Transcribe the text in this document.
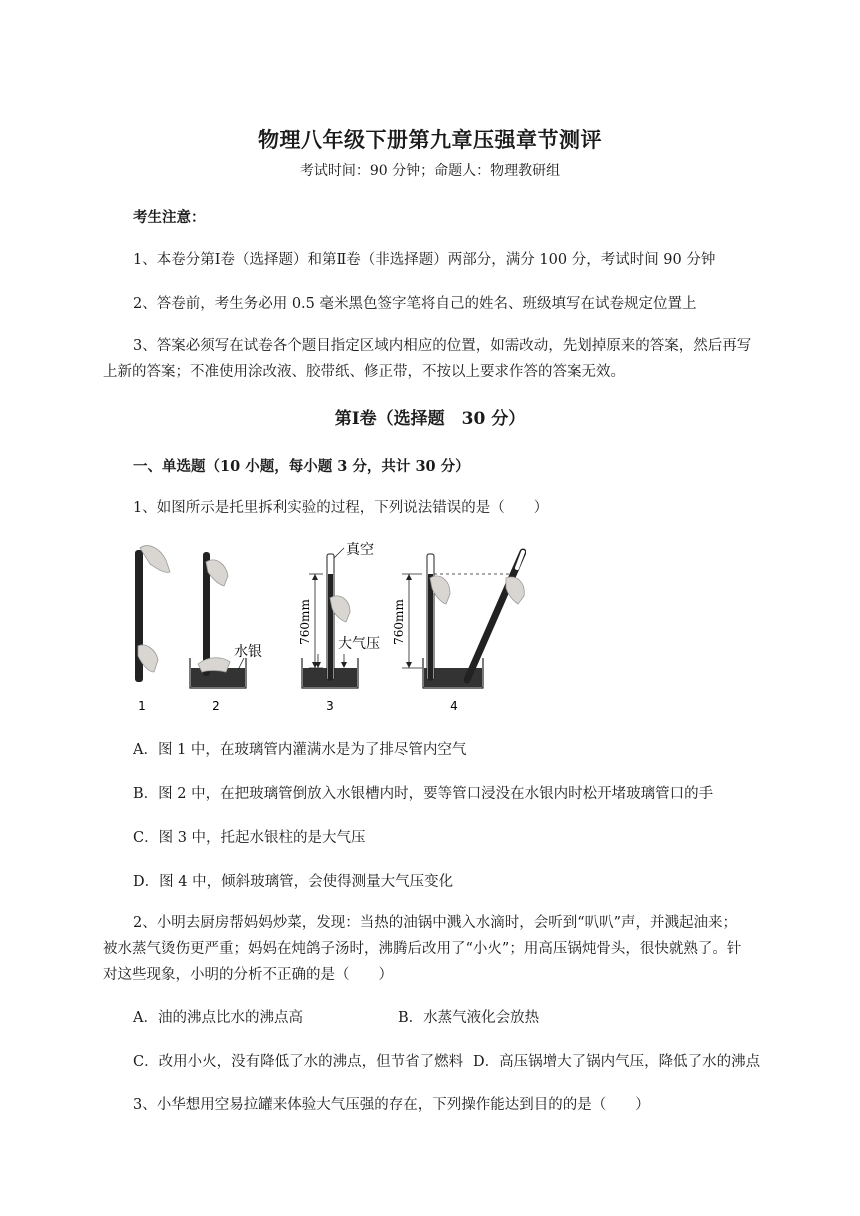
物理八年级下册第九章压强章节测评
考试时间：90 分钟；命题人：物理教研组
考生注意：
1、本卷分第Ⅰ卷（选择题）和第Ⅱ卷（非选择题）两部分，满分 100 分，考试时间 90 分钟
2、答卷前，考生务必用 0.5 毫米黑色签字笔将自己的姓名、班级填写在试卷规定位置上
3、答案必须写在试卷各个题目指定区域内相应的位置，如需改动，先划掉原来的答案，然后再写
上新的答案；不准使用涂改液、胶带纸、修正带，不按以上要求作答的答案无效。
第Ⅰ卷（选择题　30 分）
一、单选题（10 小题，每小题 3 分，共计 30 分）
1、如图所示是托里拆利实验的过程，下列说法错误的是（　　）
1
水银
2
真空
760mm 大气压
3
760mm
4
A．图 1 中，在玻璃管内灌满水是为了排尽管内空气
B．图 2 中，在把玻璃管倒放入水银槽内时，要等管口浸没在水银内时松开堵玻璃管口的手
C．图 3 中，托起水银柱的是大气压
D．图 4 中，倾斜玻璃管，会使得测量大气压变化
2、小明去厨房帮妈妈炒菜，发现：当热的油锅中溅入水滴时，会听到“叭叭”声，并溅起油来；
被水蒸气烫伤更严重；妈妈在炖鸽子汤时，沸腾后改用了“小火”；用高压锅炖骨头，很快就熟了。针
对这些现象，小明的分析不正确的是（　　）
A．油的沸点比水的沸点高	B．水蒸气液化会放热
C．改用小火，没有降低了水的沸点，但节省了燃料 D．高压锅增大了锅内气压，降低了水的沸点
3、小华想用空易拉罐来体验大气压强的存在，下列操作能达到目的的是（　　）
